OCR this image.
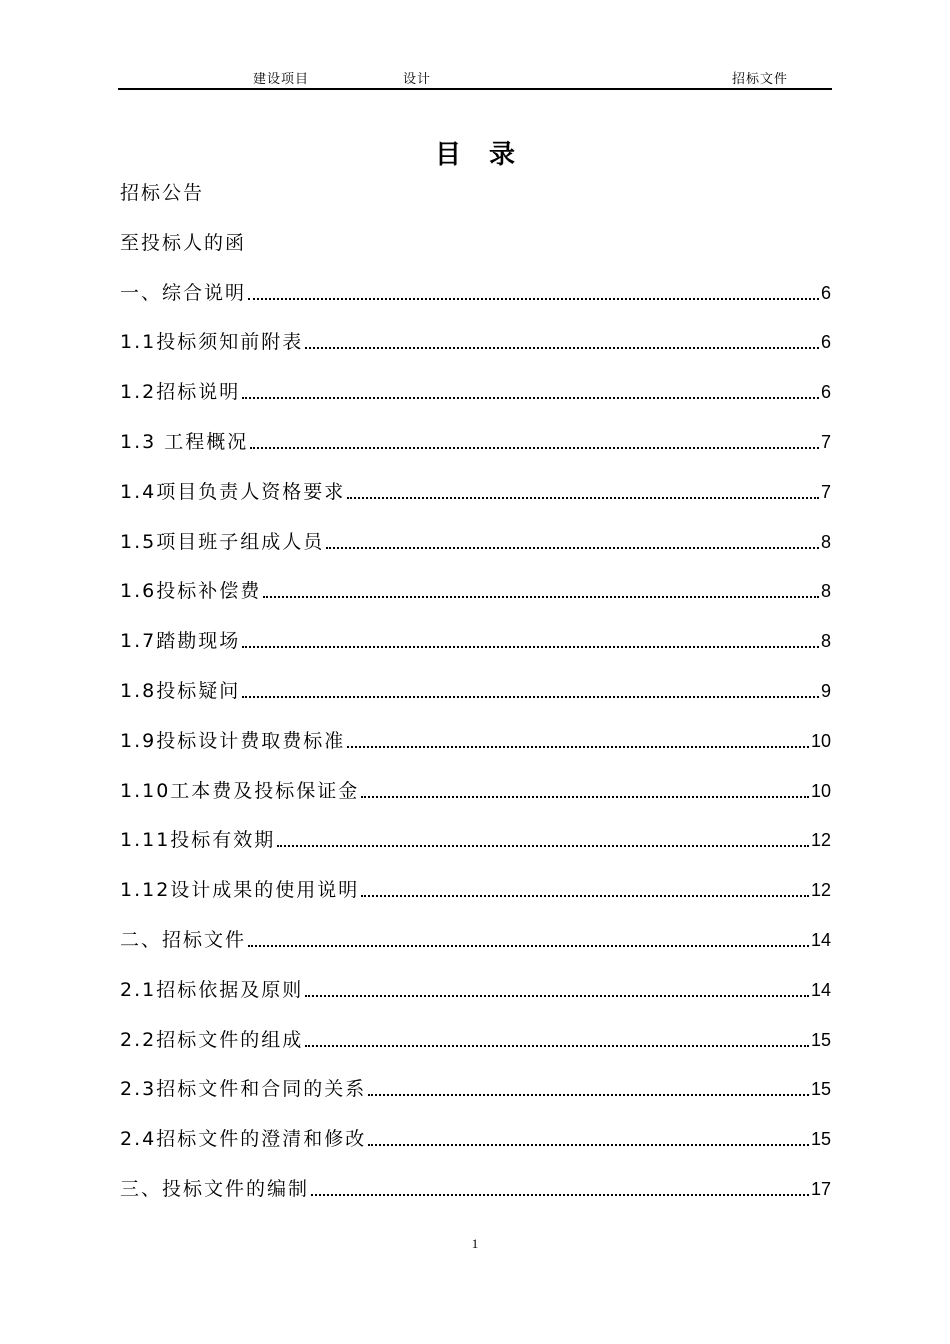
建设项目	设计	招标文件
目录
招标公告
至投标人的函
一、综合说明	6
1.1投标须知前附表	6
1.2招标说明	6
1.3 工程概况	7
1.4项目负责人资格要求	7
1.5项目班子组成人员	8
1.6投标补偿费	8
1.7踏勘现场	8
1.8投标疑问	9
1.9投标设计费取费标准	10
1.10工本费及投标保证金	10
1.11投标有效期	12
1.12设计成果的使用说明	12
二、招标文件	14
2.1招标依据及原则	14
2.2招标文件的组成	15
2.3招标文件和合同的关系	15
2.4招标文件的澄清和修改	15
三、投标文件的编制	17
1
